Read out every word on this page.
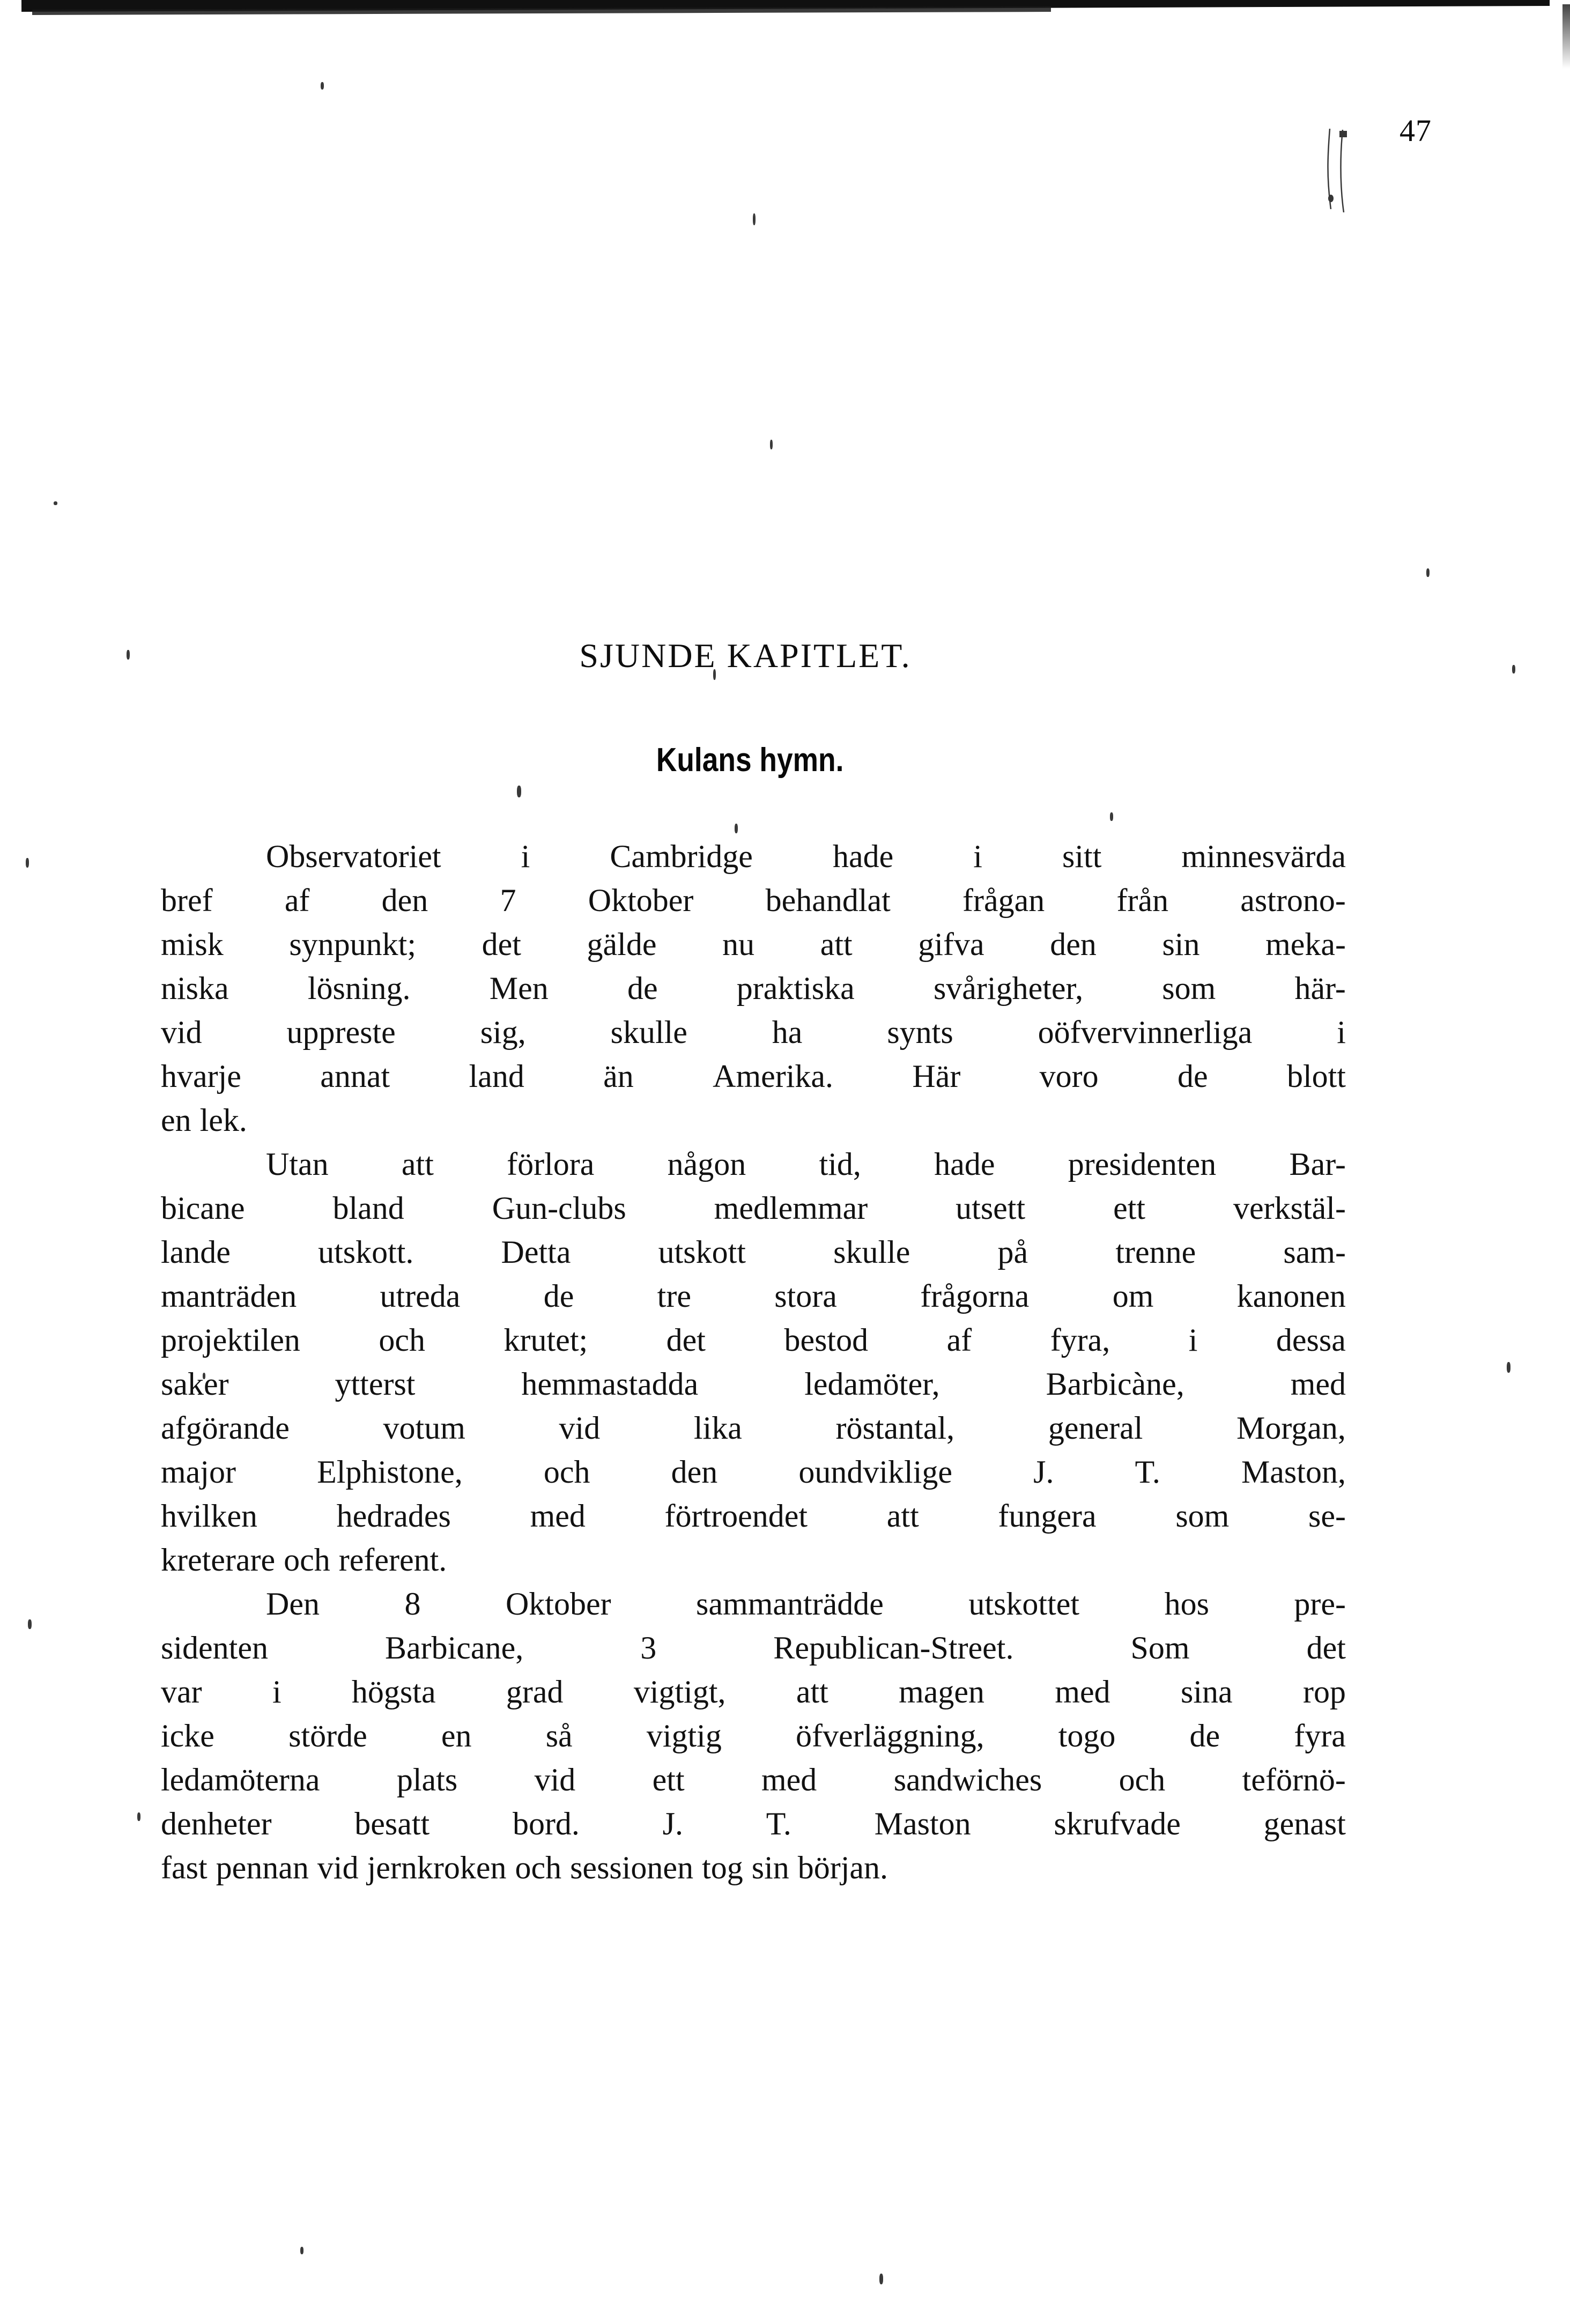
47
SJUNDE KAPITLET.
Kulans hymn.

Observatoriet i Cambridge hade i sitt minnesvärda
bref af den 7 Oktober behandlat frågan från astrono-
misk synpunkt; det gälde nu att gifva den sin meka-
niska lösning. Men de praktiska svårigheter, som här-
vid	uppreste	sig,	skulle	ha	synts	oöfvervinnerliga	i
hvarje annat land än Amerika. Här voro de blott
en lek.

Utan att förlora någon tid, hade presidenten Bar-
bicane	bland	Gun-clubs	medlemmar	utsett	ett	verkstäl-
lande	utskott.	Detta	utskott	skulle	på	trenne	sam-
manträden	utreda	de	tre	stora	frågorna	om	kanonen
projektilen och krutet; det bestod af fyra, i dessa
saker	ytterst	hemmastadda	ledamöter,	Barbicàne,	med
afgörande	votum	vid	lika	röstantal,	general	Morgan,
major	Elphistone,	och	den	oundviklige	J.	T.	Maston,
hvilken hedrades med förtroendet att fungera som se-
kreterare och referent.

Den	8	Oktober	sammanträdde	utskottet	hos	pre-
sidenten	Barbicane,	3	Republican-Street.	Som	det
var i högsta grad vigtigt, att magen med sina rop
icke störde en så vigtig öfverläggning, togo de fyra
ledamöterna plats vid ett med sandwiches och teförnö-
denheter	besatt	bord.	J.	T.	Maston	skrufvade	genast
fast pennan vid jernkroken och sessionen tog sin början.
